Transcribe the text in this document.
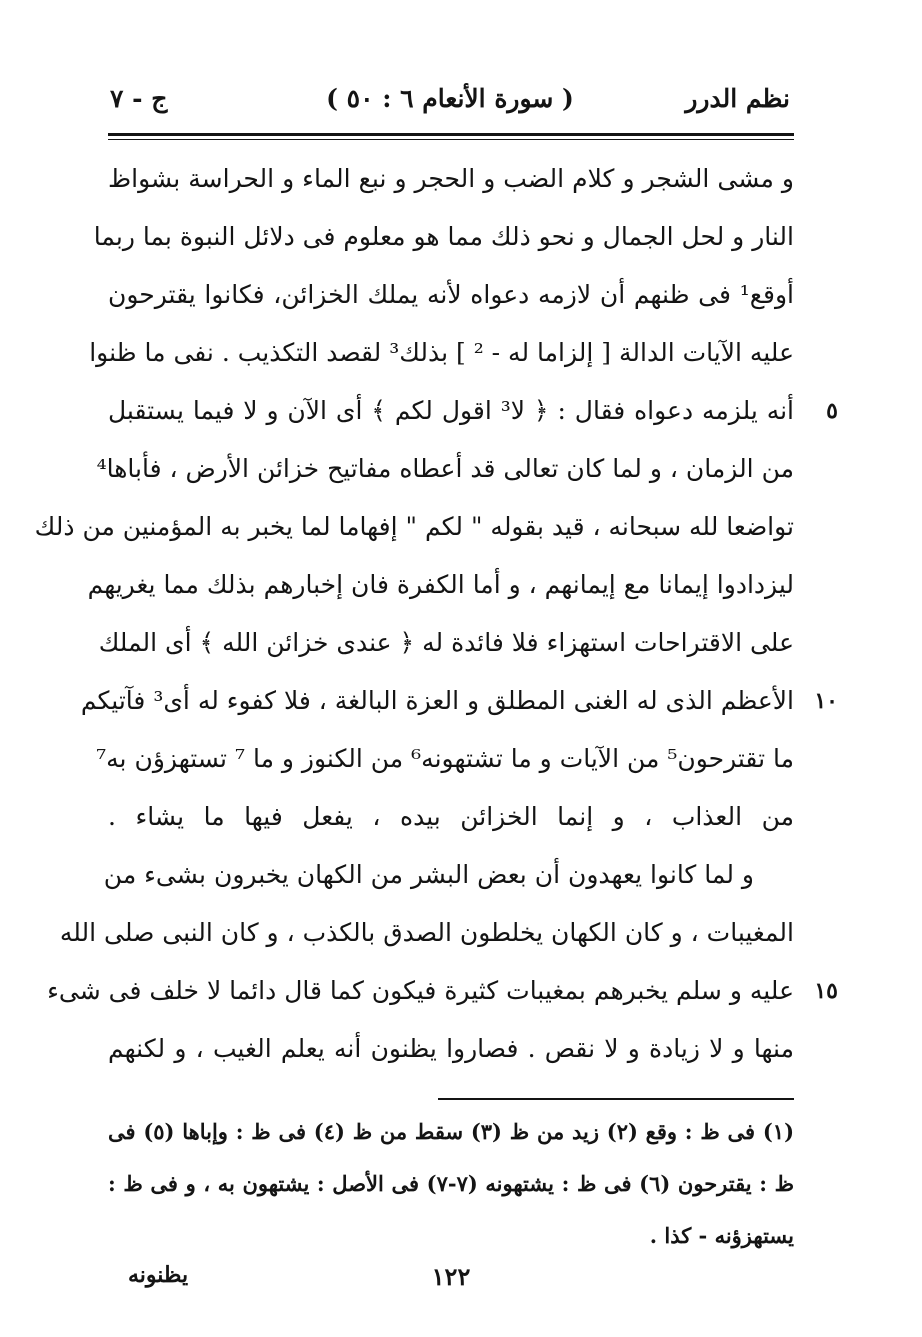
نظم الدرر
( سورة الأنعام ٦ : ٥٠ )
ج - ٧
و مشى الشجر و كلام الضب و الحجر و نبع الماء و الحراسة بشواظ
النار و لحل الجمال و نحو ذلك مما هو معلوم فى دلائل النبوة بما ربما
أوقع¹ فى ظنهم أن لازمه دعواه لأنه يملك الخزائن، فكانوا يقترحون
عليه الآيات الدالة [ إلزاما له - ² ] بذلك³ لقصد التكذيب . نفى ما ظنوا
أنه يلزمه دعواه فقال : ﴿ لا³ اقول لكم ﴾ أى الآن و لا فيما يستقبل	٥
من الزمان ، و لما كان تعالى قد أعطاه مفاتيح خزائن الأرض ، فأباها⁴
تواضعا لله سبحانه ، قيد بقوله " لكم " إفهاما لما يخبر به المؤمنين من ذلك
ليزدادوا إيمانا مع إيمانهم ، و أما الكفرة فان إخبارهم بذلك مما يغريهم
على الاقتراحات استهزاء فلا فائدة له ﴿ عندى خزائن الله ﴾ أى الملك
الأعظم الذى له الغنى المطلق و العزة البالغة ، فلا كفوء له أى³ فآتيكم ١٠
ما تقترحون⁵ من الآيات و ما تشتهونه⁶ من الكنوز و ما ⁷ تستهزؤن به⁷
من العذاب ، و إنما الخزائن بيده ، يفعل فيها ما يشاء .
و لما كانوا يعهدون أن بعض البشر من الكهان يخبرون بشىء من
المغيبات ، و كان الكهان يخلطون الصدق بالكذب ، و كان النبى صلى الله
عليه و سلم يخبرهم بمغيبات كثيرة فيكون كما قال دائما لا خلف فى شىء ١٥
منها و لا زيادة و لا نقص . فصاروا يظنون أنه يعلم الغيب ، و لكنهم
(١) فى ظ : وقع (٢) زيد من ظ (٣) سقط من ظ (٤) فى ظ : وإباها (٥) فى
ظ : يقترحون (٦) فى ظ : يشتهونه (٧-٧) فى الأصل : يشتهون به ، و فى ظ :
يستهزؤنه - كذا .
١٢٢
يظنونه
